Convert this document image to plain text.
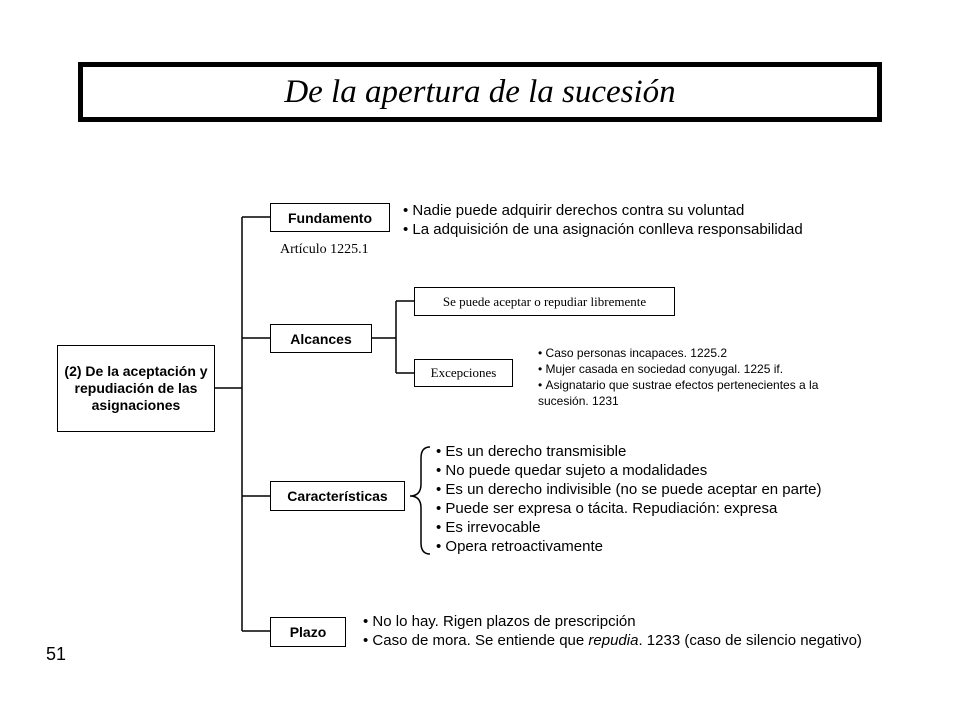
De la apertura de la sucesión
(2) De la aceptación y repudiación de las asignaciones
Fundamento
Artículo 1225.1
• Nadie puede adquirir derechos contra su voluntad
• La adquisición de una asignación conlleva responsabilidad
Alcances
Se puede aceptar o repudiar libremente
Excepciones
• Caso personas incapaces. 1225.2
• Mujer casada en sociedad conyugal. 1225 if.
• Asignatario que sustrae efectos pertenecientes a la sucesión. 1231
Características
• Es un derecho transmisible
• No puede quedar sujeto a modalidades
• Es un derecho indivisible (no se puede aceptar en parte)
• Puede ser expresa o tácita. Repudiación: expresa
• Es irrevocable
• Opera retroactivamente
Plazo
• No lo hay. Rigen plazos de prescripción
• Caso de mora. Se entiende que repudia. 1233 (caso de silencio negativo)
51
